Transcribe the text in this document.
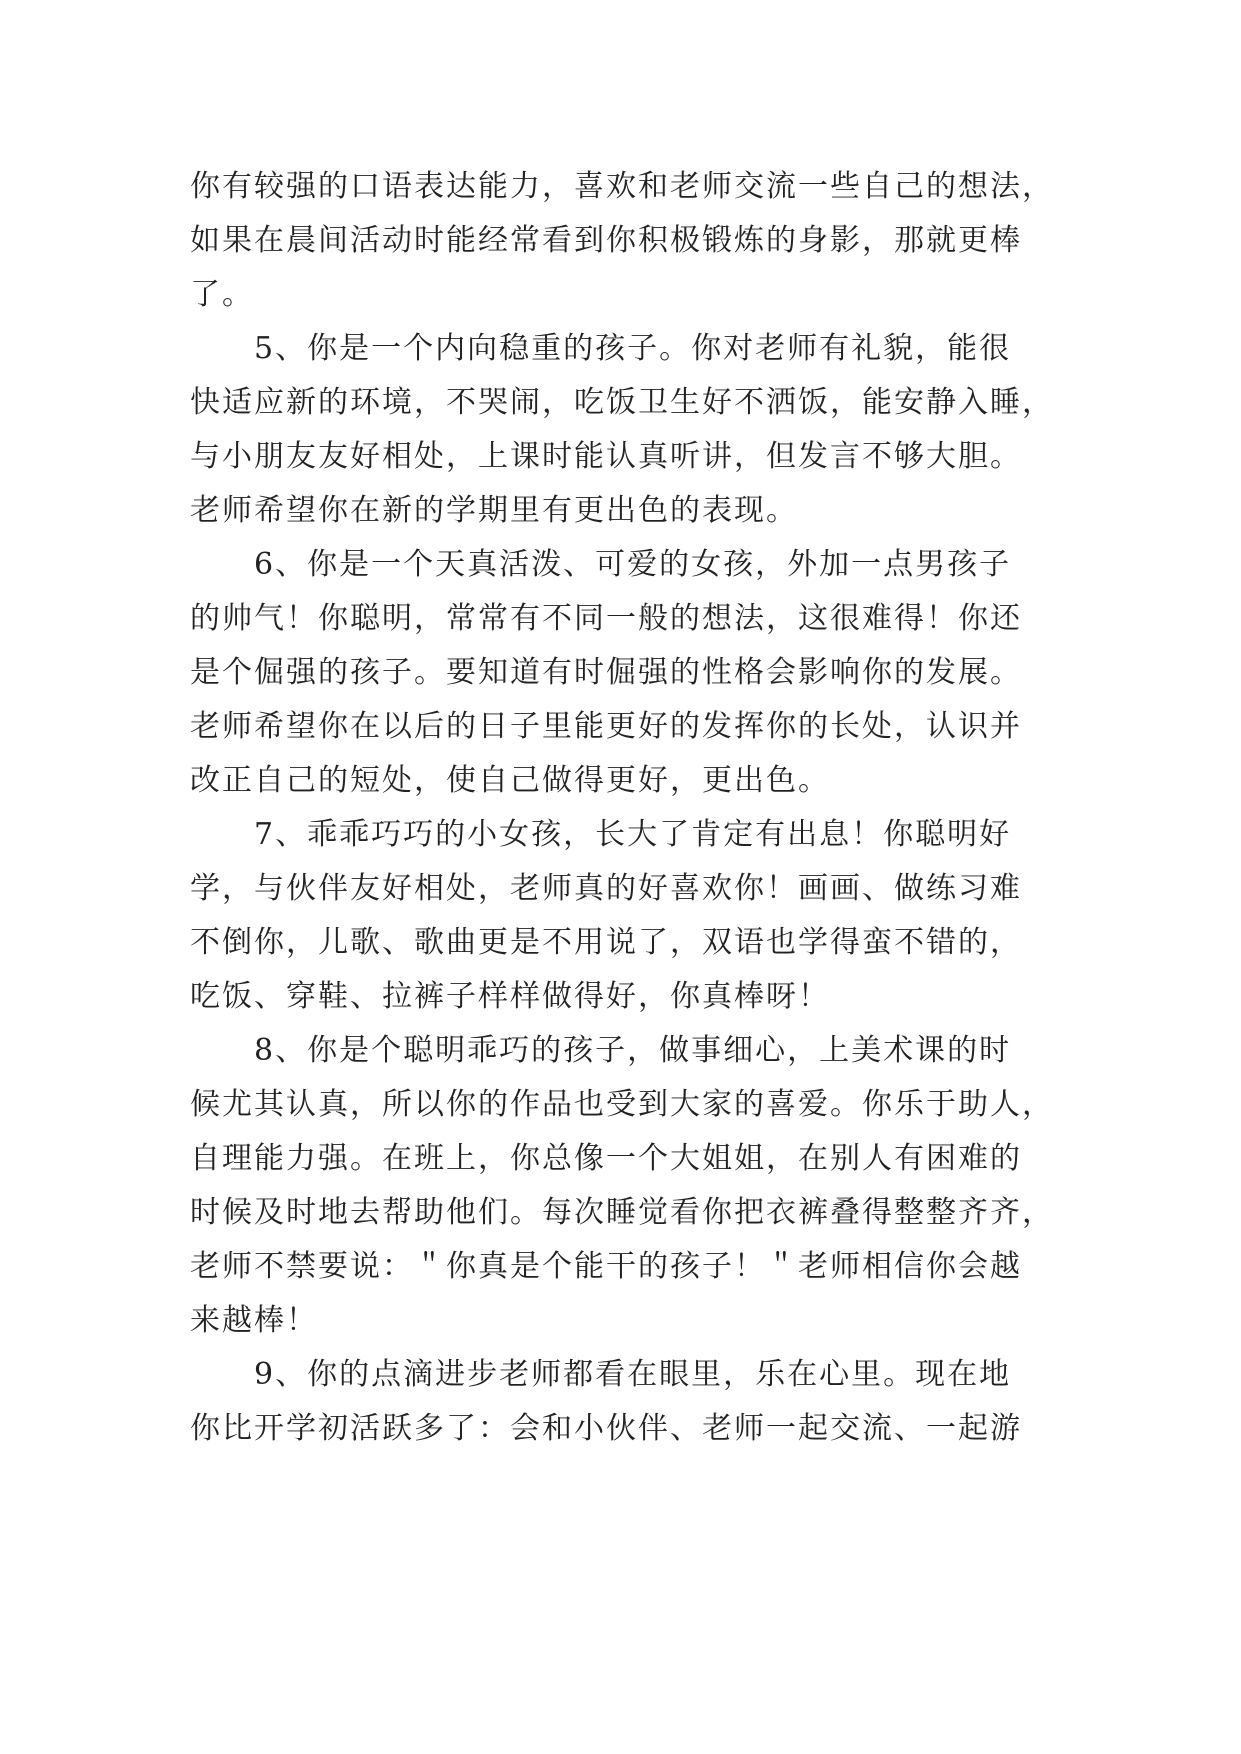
你有较强的口语表达能力，喜欢和老师交流一些自己的想法，
如果在晨间活动时能经常看到你积极锻炼的身影，那就更棒
了。
　　5、你是一个内向稳重的孩子。你对老师有礼貌，能很
快适应新的环境，不哭闹，吃饭卫生好不洒饭，能安静入睡，
与小朋友友好相处，上课时能认真听讲，但发言不够大胆。
老师希望你在新的学期里有更出色的表现。
　　6、你是一个天真活泼、可爱的女孩，外加一点男孩子
的帅气！你聪明，常常有不同一般的想法，这很难得！你还
是个倔强的孩子。要知道有时倔强的性格会影响你的发展。
老师希望你在以后的日子里能更好的发挥你的长处，认识并
改正自己的短处，使自己做得更好，更出色。
　　7、乖乖巧巧的小女孩，长大了肯定有出息！你聪明好
学，与伙伴友好相处，老师真的好喜欢你！画画、做练习难
不倒你，儿歌、歌曲更是不用说了，双语也学得蛮不错的，
吃饭、穿鞋、拉裤子样样做得好，你真棒呀！
　　8、你是个聪明乖巧的孩子，做事细心，上美术课的时
候尤其认真，所以你的作品也受到大家的喜爱。你乐于助人，
自理能力强。在班上，你总像一个大姐姐，在别人有困难的
时候及时地去帮助他们。每次睡觉看你把衣裤叠得整整齐齐，
老师不禁要说：＂你真是个能干的孩子！＂老师相信你会越
来越棒！
　　9、你的点滴进步老师都看在眼里，乐在心里。现在地
你比开学初活跃多了：会和小伙伴、老师一起交流、一起游
